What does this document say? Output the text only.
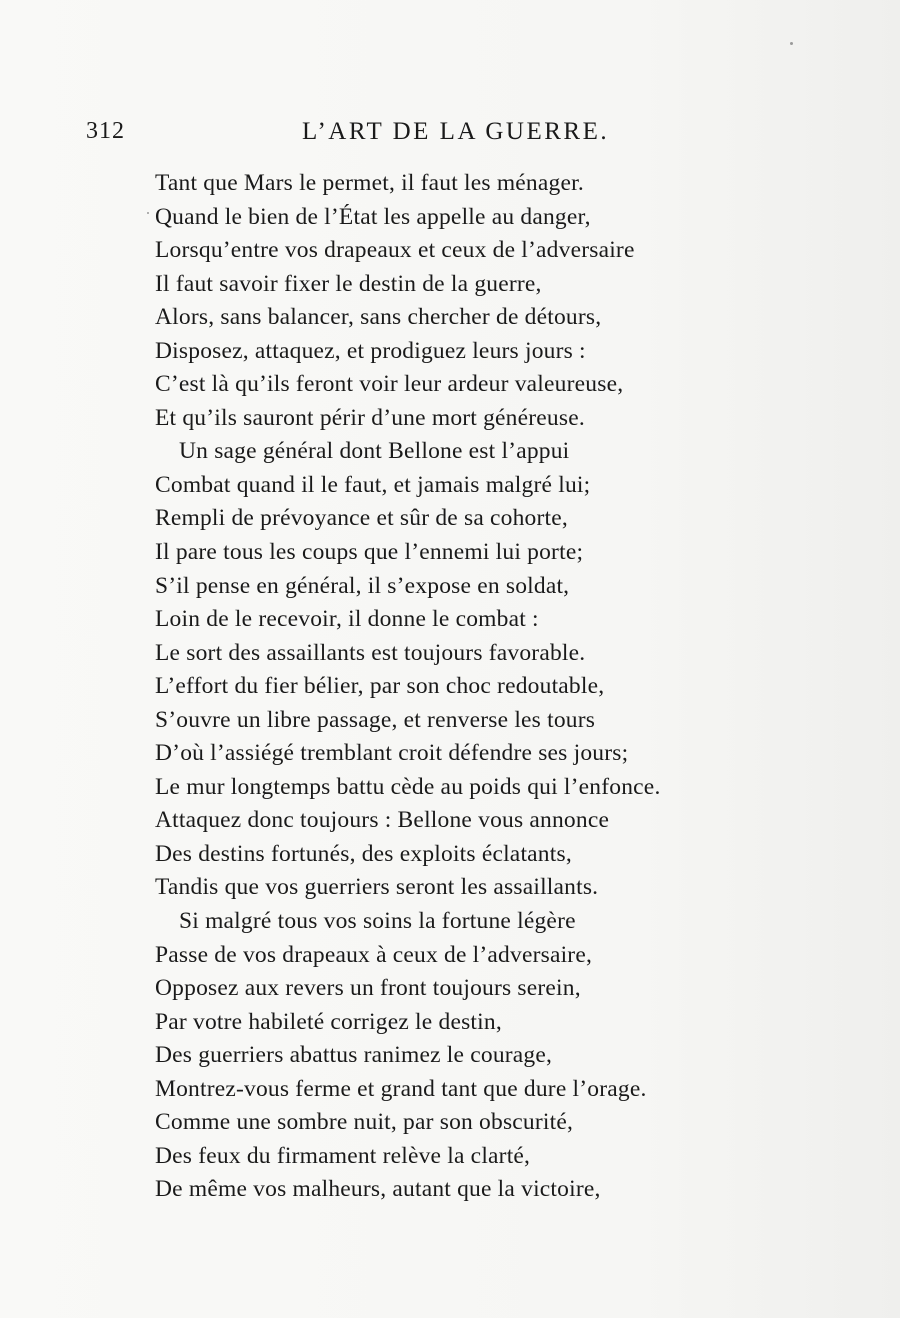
312	L’ART DE LA GUERRE.
Tant que Mars le permet, il faut les ménager.
Quand le bien de l’État les appelle au danger,
Lorsqu’entre vos drapeaux et ceux de l’adversaire
Il faut savoir fixer le destin de la guerre,
Alors, sans balancer, sans chercher de détours,
Disposez, attaquez, et prodiguez leurs jours :
C’est là qu’ils feront voir leur ardeur valeureuse,
Et qu’ils sauront périr d’une mort généreuse.
Un sage général dont Bellone est l’appui
Combat quand il le faut, et jamais malgré lui;
Rempli de prévoyance et sûr de sa cohorte,
Il pare tous les coups que l’ennemi lui porte;
S’il pense en général, il s’expose en soldat,
Loin de le recevoir, il donne le combat :
Le sort des assaillants est toujours favorable.
L’effort du fier bélier, par son choc redoutable,
S’ouvre un libre passage, et renverse les tours
D’où l’assiégé tremblant croit défendre ses jours;
Le mur longtemps battu cède au poids qui l’enfonce.
Attaquez donc toujours : Bellone vous annonce
Des destins fortunés, des exploits éclatants,
Tandis que vos guerriers seront les assaillants.
Si malgré tous vos soins la fortune légère
Passe de vos drapeaux à ceux de l’adversaire,
Opposez aux revers un front toujours serein,
Par votre habileté corrigez le destin,
Des guerriers abattus ranimez le courage,
Montrez-vous ferme et grand tant que dure l’orage.
Comme une sombre nuit, par son obscurité,
Des feux du firmament relève la clarté,
De même vos malheurs, autant que la victoire,
